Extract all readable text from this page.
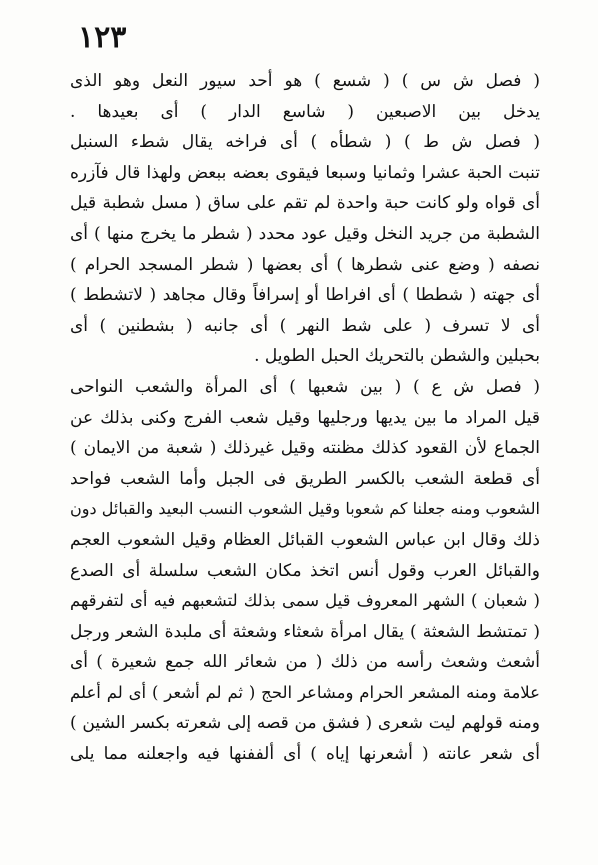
١٢٣
( فصل ش س ) ( شسع ) هو أحد سيور النعل وهو الذى
يدخل بين الاصبعين ( شاسع الدار ) أى بعيدها .
( فصل ش ط ) ( شطأه ) أى فراخه يقال شطء السنبل
تنبت الحبة عشرا وثمانيا وسبعا فيقوى بعضه ببعض ولهذا قال فآزره
أى قواه ولو كانت حبة واحدة لم تقم على ساق ( مسل شطبة قيل
الشطبة من جريد النخل وقيل عود محدد ( شطر ما يخرج منها ) أى
نصفه ( وضع عنى شطرها ) أى بعضها ( شطر المسجد الحرام )
أى جهته ( شططا ) أى افراطا أو إسرافاً وقال مجاهد ( لاتشطط )
أى لا تسرف ( على شط النهر ) أى جانبه ( بشطنين ) أى
بحبلين والشطن بالتحريك الحبل الطويل .
( فصل ش ع ) ( بين شعبها ) أى المرأة والشعب النواحى
قيل المراد ما بين يديها ورجليها وقيل شعب الفرج وكنى بذلك عن
الجماع لأن القعود كذلك مظنته وقيل غيرذلك ( شعبة من الايمان )
أى قطعة الشعب بالكسر الطريق فى الجبل وأما الشعب فواحد
الشعوب ومنه جعلنا كم شعوبا وقيل الشعوب النسب البعيد والقبائل دون
ذلك وقال ابن عباس الشعوب القبائل العظام وقيل الشعوب العجم
والقبائل العرب وقول أنس اتخذ مكان الشعب سلسلة أى الصدع
( شعبان ) الشهر المعروف قيل سمى بذلك لتشعبهم فيه أى لتفرقهم
( تمتشط الشعثة ) يقال امرأة شعثاء وشعثة أى ملبدة الشعر ورجل
أشعث وشعث رأسه من ذلك ( من شعائر الله جمع شعيرة ) أى
علامة ومنه المشعر الحرام ومشاعر الحج ( ثم لم أشعر ) أى لم أعلم
ومنه قولهم ليت شعرى ( فشق من قصه إلى شعرته بكسر الشين )
أى شعر عانته ( أشعرنها إياه ) أى ألففنها فيه واجعلنه مما يلى
